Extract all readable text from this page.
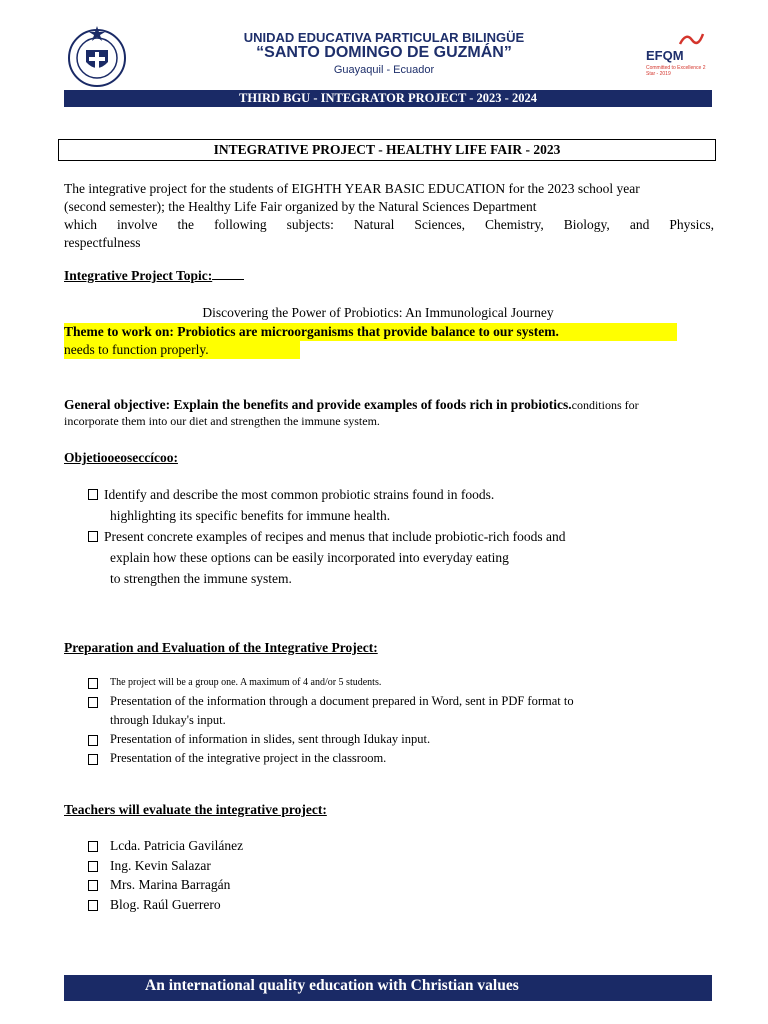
UNIDAD EDUCATIVA PARTICULAR BILINGÜE
“SANTO DOMINGO DE GUZMÁN”
Guayaquil - Ecuador
EFQM
Committed to Excellence 2 Star - 2019
THIRD BGU - INTEGRATOR PROJECT - 2023 - 2024
INTEGRATIVE PROJECT - HEALTHY LIFE FAIR - 2023
The integrative project for the students of EIGHTH YEAR BASIC EDUCATION for the 2023 school year
(second semester); the Healthy Life Fair organized by the Natural Sciences Department
which involve the following subjects: Natural Sciences, Chemistry, Biology, and Physics,
respectfulness
Integrative Project Topic:
Discovering the Power of Probiotics: An Immunological Journey
Theme to work on: Probiotics are microorganisms that provide balance to our system.
needs to function properly.
General objective: Explain the benefits and provide examples of foods rich in probiotics.conditions for
incorporate them into our diet and strengthen the immune system.
Objetiooeoseccícoo:
Identify and describe the most common probiotic strains found in foods.
highlighting its specific benefits for immune health.
Present concrete examples of recipes and menus that include probiotic-rich foods and
explain how these options can be easily incorporated into everyday eating
to strengthen the immune system.
Preparation and Evaluation of the Integrative Project:
The project will be a group one. A maximum of 4 and/or 5 students.
Presentation of the information through a document prepared in Word, sent in PDF format to
through Idukay's input.
Presentation of information in slides, sent through Idukay input.
Presentation of the integrative project in the classroom.
Teachers will evaluate the integrative project:
Lcda. Patricia Gavilánez
Ing. Kevin Salazar
Mrs. Marina Barragán
Blog. Raúl Guerrero
An international quality education with Christian values
